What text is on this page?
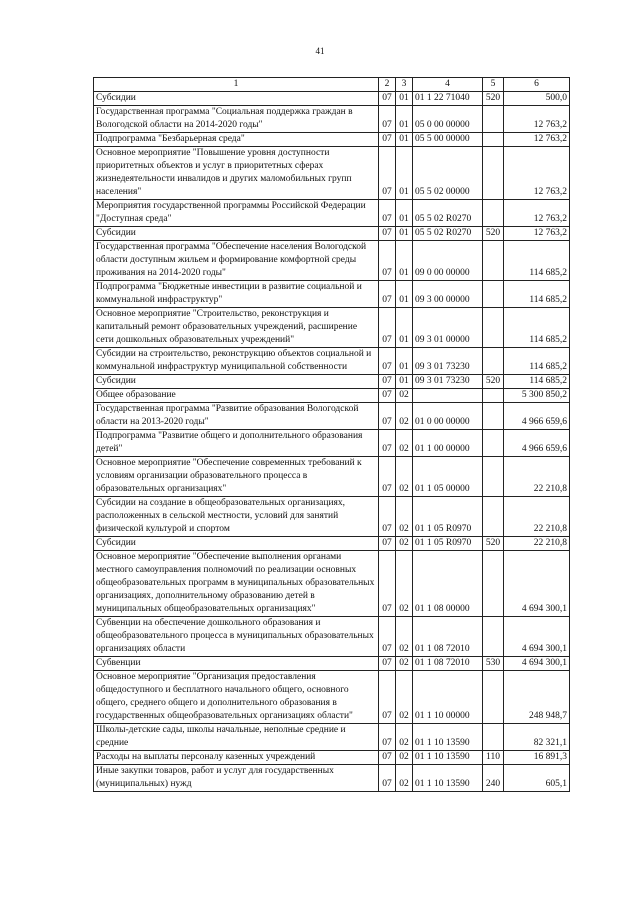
41
1	2	3	4	5	6
Субсидии	07	01	01 1 22 71040	520	500,0
Государственная программа "Социальная поддержка граждан в Вологодской области на 2014-2020 годы"	07	01	05 0 00 00000		12 763,2
Подпрограмма "Безбарьерная среда"	07	01	05 5 00 00000		12 763,2
Основное мероприятие "Повышение уровня доступности приоритетных объектов и услуг в приоритетных сферах жизнедеятельности инвалидов и других маломобильных групп населения"	07	01	05 5 02 00000		12 763,2
Мероприятия государственной программы Российской Федерации "Доступная среда"	07	01	05 5 02 R0270		12 763,2
Субсидии	07	01	05 5 02 R0270	520	12 763,2
Государственная программа "Обеспечение населения Вологодской области доступным жильем и формирование комфортной среды проживания на 2014-2020 годы"	07	01	09 0 00 00000		114 685,2
Подпрограмма "Бюджетные инвестиции в развитие социальной и коммунальной инфраструктур"	07	01	09 3 00 00000		114 685,2
Основное мероприятие "Строительство, реконструкция и капитальный ремонт образовательных учреждений, расширение сети дошкольных образовательных учреждений"	07	01	09 3 01 00000		114 685,2
Субсидии на строительство, реконструкцию объектов социальной и коммунальной инфраструктур муниципальной собственности	07	01	09 3 01 73230		114 685,2
Субсидии	07	01	09 3 01 73230	520	114 685,2
Общее образование	07	02			5 300 850,2
Государственная программа "Развитие образования Вологодской области на 2013-2020 годы"	07	02	01 0 00 00000		4 966 659,6
Подпрограмма "Развитие общего и дополнительного образования детей"	07	02	01 1 00 00000		4 966 659,6
Основное мероприятие "Обеспечение современных требований к условиям организации образовательного процесса в образовательных организациях"	07	02	01 1 05 00000		22 210,8
Субсидии на создание в общеобразовательных организациях, расположенных в сельской местности, условий для занятий физической культурой и спортом	07	02	01 1 05 R0970		22 210,8
Субсидии	07	02	01 1 05 R0970	520	22 210,8
Основное мероприятие "Обеспечение выполнения органами местного самоуправления полномочий по реализации основных общеобразовательных программ в муниципальных образовательных организациях, дополнительному образованию детей в муниципальных общеобразовательных организациях"	07	02	01 1 08 00000		4 694 300,1
Субвенции на обеспечение дошкольного образования и общеобразовательного процесса в муниципальных образовательных организациях области	07	02	01 1 08 72010		4 694 300,1
Субвенции	07	02	01 1 08 72010	530	4 694 300,1
Основное мероприятие "Организация предоставления общедоступного и бесплатного начального общего, основного общего, среднего общего и дополнительного образования в государственных общеобразовательных организациях области"	07	02	01 1 10 00000		248 948,7
Школы-детские сады, школы начальные, неполные средние и средние	07	02	01 1 10 13590		82 321,1
Расходы на выплаты персоналу казенных учреждений	07	02	01 1 10 13590	110	16 891,3
Иные закупки товаров, работ и услуг для государственных (муниципальных) нужд	07	02	01 1 10 13590	240	605,1
